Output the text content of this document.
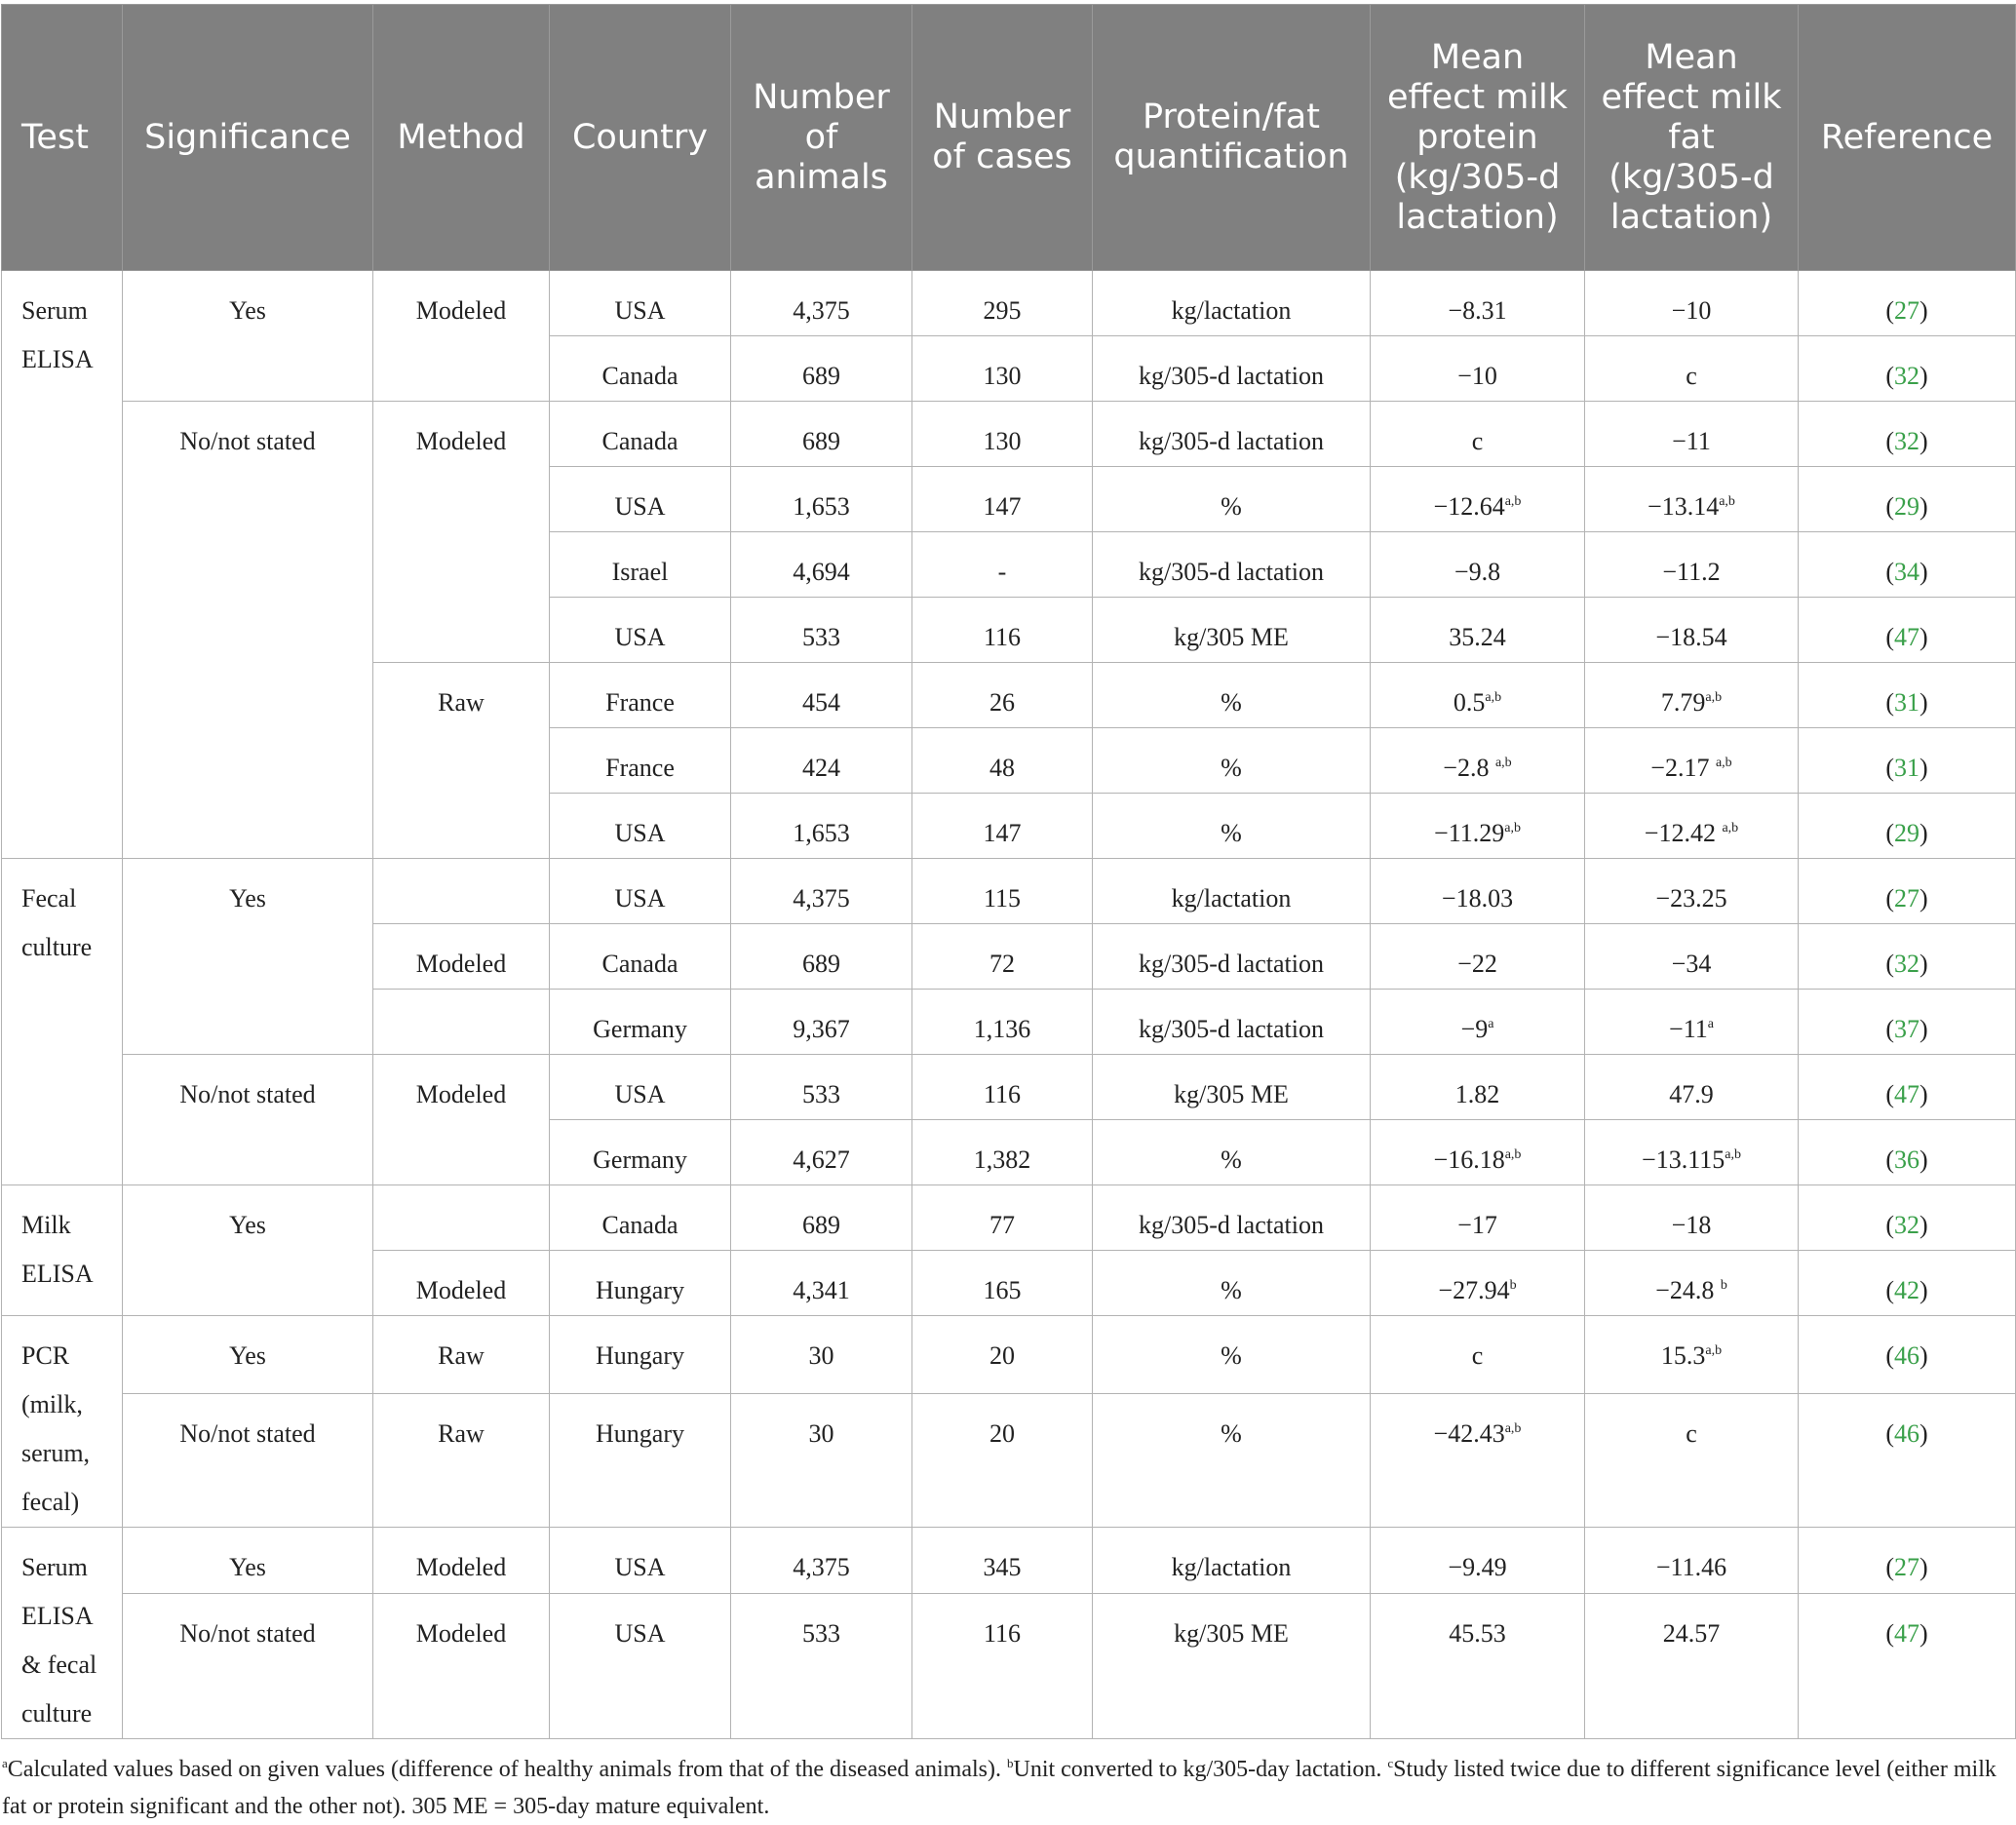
Test	Significance	Method	Country	Number of animals	Number of cases	Protein/fat quantification	Mean effect milk protein (kg/305-d lactation)	Mean effect milk fat (kg/305-d lactation)	Reference
Serum ELISA	Yes	Modeled	USA	4,375	295	kg/lactation	−8.31	−10	(27)
			Canada	689	130	kg/305-d lactation	−10	c	(32)
	No/not stated	Modeled	Canada	689	130	kg/305-d lactation	c	−11	(32)
			USA	1,653	147	%	$-12.64^{a,b}$	$-13.14^{a,b}$	(29)
			Israel	4,694	-	kg/305-d lactation	−9.8	−11.2	(34)
			USA	533	116	kg/305 ME	35.24	−18.54	(47)
		Raw	France	454	26	%	0.5$^{a,b}$	7.79$^{a,b}$	(31)
			France	424	48	%	−2.8 $^{a,b}$	−2.17 $^{a,b}$	(31)
			USA	1,653	147	%	$-11.29^{a,b}$	−12.42 $^{a,b}$	(29)
Fecal culture	Yes		USA	4,375	115	kg/lactation	−18.03	−23.25	(27)
		Modeled	Canada	689	72	kg/305-d lactation	−22	−34	(32)
			Germany	9,367	1,136	kg/305-d lactation	$-9^a$	$-11^a$	(37)
	No/not stated	Modeled	USA	533	116	kg/305 ME	1.82	47.9	(47)
			Germany	4,627	1,382	%	$-16.18^{a,b}$	$-13.115^{a,b}$	(36)
Milk ELISA	Yes		Canada	689	77	kg/305-d lactation	−17	−18	(32)
		Modeled	Hungary	4,341	165	%	−27.94$^b$	−24.8 $^b$	(42)
PCR (milk, serum, fecal)	Yes	Raw	Hungary	30	20	%	c	15.3$^{a,b}$	(46)
	No/not stated	Raw	Hungary	30	20	%	$-42.43^{a,b}$	c	(46)
Serum ELISA & fecal culture	Yes	Modeled	USA	4,375	345	kg/lactation	−9.49	−11.46	(27)
	No/not stated	Modeled	USA	533	116	kg/305 ME	45.53	24.57	(47)
$^a$Calculated values based on given values (difference of healthy animals from that of the diseased animals). $^b$Unit converted to kg/305-day lactation. $^c$Study listed twice due to different significance level (either milk fat or protein significant and the other not). 305 ME = 305-day mature equivalent.
